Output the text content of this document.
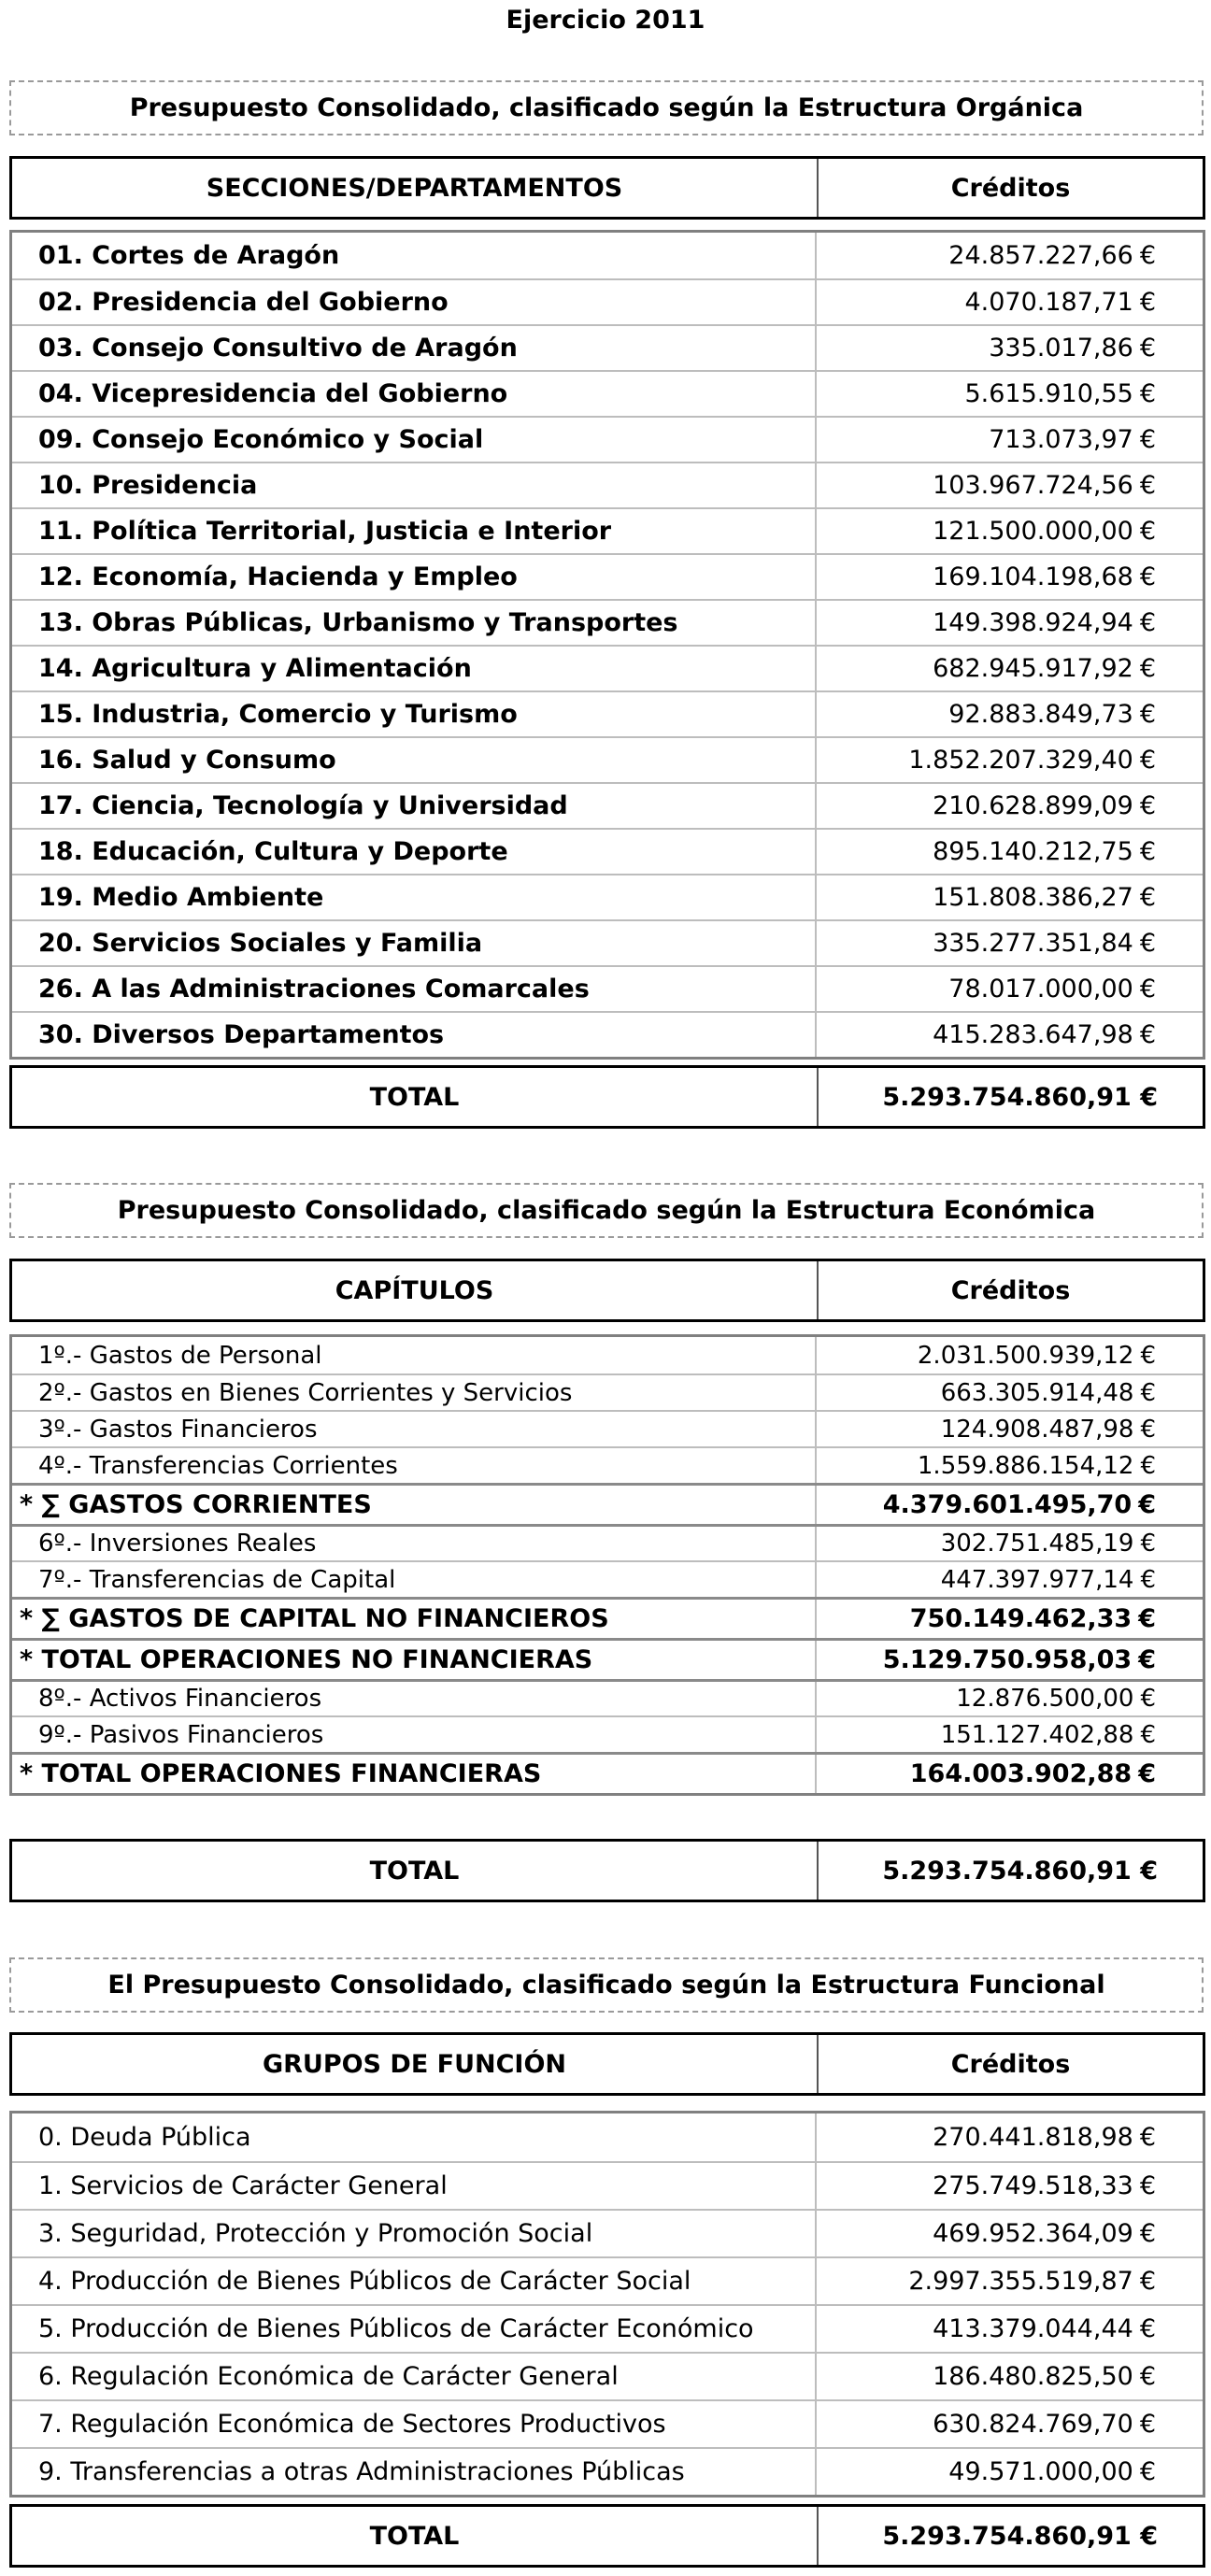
Ejercicio 2011
Presupuesto Consolidado, clasificado según la Estructura Orgánica
SECCIONES/DEPARTAMENTOS	Créditos
01. Cortes de Aragón	24.857.227,66 €
02. Presidencia del Gobierno	4.070.187,71 €
03. Consejo Consultivo de Aragón	335.017,86 €
04. Vicepresidencia del Gobierno	5.615.910,55 €
09. Consejo Económico y Social	713.073,97 €
10. Presidencia	103.967.724,56 €
11. Política Territorial, Justicia e Interior	121.500.000,00 €
12. Economía, Hacienda y Empleo	169.104.198,68 €
13. Obras Públicas, Urbanismo y Transportes	149.398.924,94 €
14. Agricultura y Alimentación	682.945.917,92 €
15. Industria, Comercio y Turismo	92.883.849,73 €
16. Salud y Consumo	1.852.207.329,40 €
17. Ciencia, Tecnología y Universidad	210.628.899,09 €
18. Educación, Cultura y Deporte	895.140.212,75 €
19. Medio Ambiente	151.808.386,27 €
20. Servicios Sociales y Familia	335.277.351,84 €
26. A las Administraciones Comarcales	78.017.000,00 €
30. Diversos Departamentos	415.283.647,98 €
TOTAL	5.293.754.860,91 €
Presupuesto Consolidado, clasificado según la Estructura Económica
CAPÍTULOS	Créditos
1º.- Gastos de Personal	2.031.500.939,12 €
2º.- Gastos en Bienes Corrientes y Servicios	663.305.914,48 €
3º.- Gastos Financieros	124.908.487,98 €
4º.- Transferencias Corrientes	1.559.886.154,12 €
* ∑ GASTOS CORRIENTES	4.379.601.495,70 €
6º.- Inversiones Reales	302.751.485,19 €
7º.- Transferencias de Capital	447.397.977,14 €
* ∑ GASTOS DE CAPITAL NO FINANCIEROS	750.149.462,33 €
* TOTAL OPERACIONES NO FINANCIERAS	5.129.750.958,03 €
8º.- Activos Financieros	12.876.500,00 €
9º.- Pasivos Financieros	151.127.402,88 €
* TOTAL OPERACIONES FINANCIERAS	164.003.902,88 €
TOTAL	5.293.754.860,91 €
El Presupuesto Consolidado, clasificado según la Estructura Funcional
GRUPOS DE FUNCIÓN	Créditos
0. Deuda Pública	270.441.818,98 €
1. Servicios de Carácter General	275.749.518,33 €
3. Seguridad, Protección y Promoción Social	469.952.364,09 €
4. Producción de Bienes Públicos de Carácter Social	2.997.355.519,87 €
5. Producción de Bienes Públicos de Carácter Económico	413.379.044,44 €
6. Regulación Económica de Carácter General	186.480.825,50 €
7. Regulación Económica de Sectores Productivos	630.824.769,70 €
9. Transferencias a otras Administraciones Públicas	49.571.000,00 €
TOTAL	5.293.754.860,91 €
